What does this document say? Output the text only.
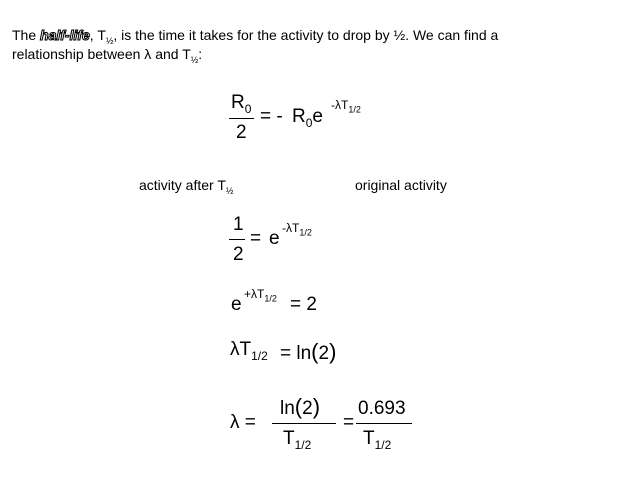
The half-life, $T_{\frac{1}{2}}$, is the time it takes for the activity to drop by ½. We can find a
relationship between λ and $T_{\frac{1}{2}}$:
$R_0$
2
= - $R_0e$
$-\lambda T_{1/2}$
activity after $T_{\frac{1}{2}}$	original activity
1
2
= e $-\lambda T_{1/2}$
$e +\lambda T_{1/2} = 2$
$\lambda T_{1/2} = \ln(2)$
λ =
ln(2)
$T_{1/2}$
=
0.693
$T_{1/2}$
